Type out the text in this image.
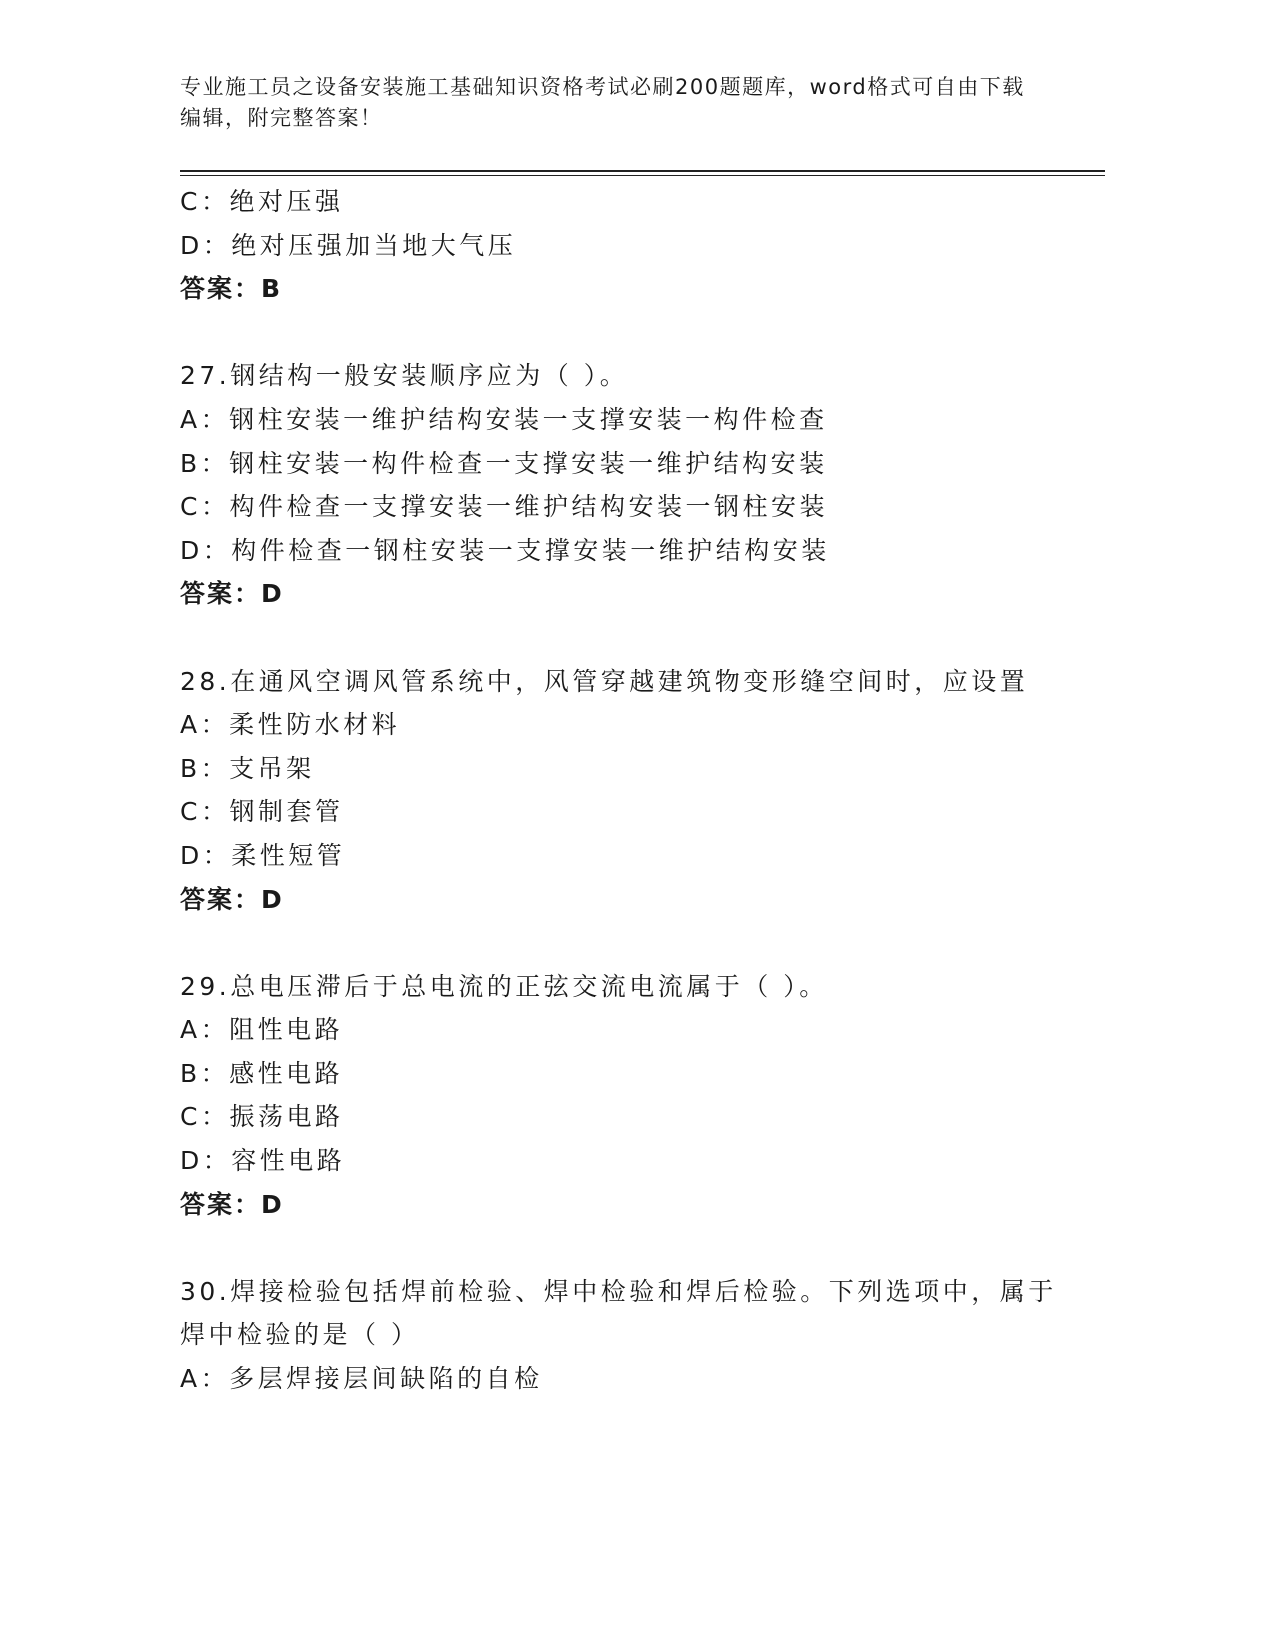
专业施工员之设备安装施工基础知识资格考试必刷200题题库，word格式可自由下载编辑，附完整答案！
C：绝对压强
D：绝对压强加当地大气压
答案：B
27.钢结构一般安装顺序应为（ ）。
A：钢柱安装一维护结构安装一支撑安装一构件检查
B：钢柱安装一构件检查一支撑安装一维护结构安装
C：构件检查一支撑安装一维护结构安装一钢柱安装
D：构件检查一钢柱安装一支撑安装一维护结构安装
答案：D
28.在通风空调风管系统中，风管穿越建筑物变形缝空间时，应设置
A：柔性防水材料
B：支吊架
C：钢制套管
D：柔性短管
答案：D
29.总电压滞后于总电流的正弦交流电流属于（ ）。
A：阻性电路
B：感性电路
C：振荡电路
D：容性电路
答案：D
30.焊接检验包括焊前检验、焊中检验和焊后检验。下列选项中，属于
焊中检验的是（ ）
A：多层焊接层间缺陷的自检
